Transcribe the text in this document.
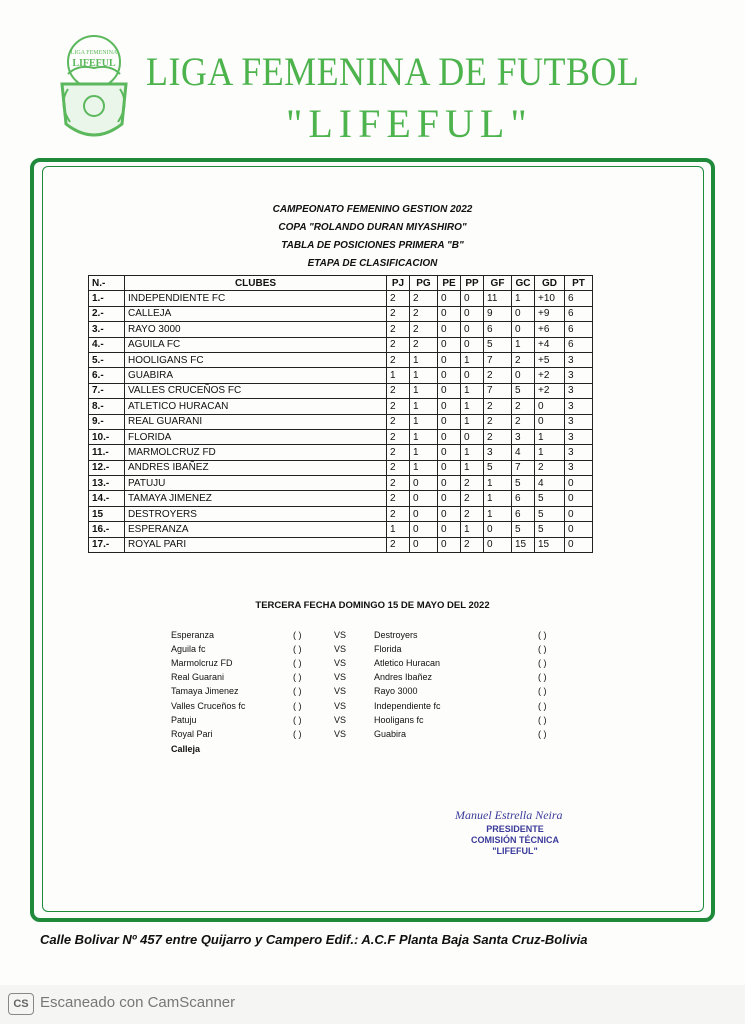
LIGA FEMENINA
LIFEFUL LIGA FEMENINA DE FUTBOL
"LIFEFUL"
CAMPEONATO FEMENINO GESTION 2022
COPA "ROLANDO DURAN MIYASHIRO"
TABLA DE POSICIONES PRIMERA "B"
ETAPA DE CLASIFICACION
N.-	CLUBES	PJ	PG	PE	PP	GF	GC	GD	PT
1.-	INDEPENDIENTE FC	2	2	0	0	11	1	+10	6
2.-	CALLEJA	2	2	0	0	9	0	+9	6
3.-	RAYO 3000	2	2	0	0	6	0	+6	6
4.-	AGUILA FC	2	2	0	0	5	1	+4	6
5.-	HOOLIGANS FC	2	1	0	1	7	2	+5	3
6.-	GUABIRA	1	1	0	0	2	0	+2	3
7.-	VALLES CRUCEÑOS FC	2	1	0	1	7	5	+2	3
8.-	ATLETICO HURACAN	2	1	0	1	2	2	0	3
9.-	REAL GUARANI	2	1	0	1	2	2	0	3
10.-	FLORIDA	2	1	0	0	2	3	1	3
11.-	MARMOLCRUZ FD	2	1	0	1	3	4	1	3
12.-	ANDRES IBAÑEZ	2	1	0	1	5	7	2	3
13.-	PATUJU	2	0	0	2	1	5	4	0
14.-	TAMAYA JIMENEZ	2	0	0	2	1	6	5	0
15	DESTROYERS	2	0	0	2	1	6	5	0
16.-	ESPERANZA	1	0	0	1	0	5	5	0
17.-	ROYAL PARI	2	0	0	2	0	15	15	0
TERCERA FECHA DOMINGO 15 DE MAYO DEL 2022
Esperanza	( )	VS	Destroyers	( )
Aguila fc	( )	VS	Florida	( )
Marmolcruz FD	( )	VS	Atletico Huracan	( )
Real Guarani	( )	VS	Andres Ibañez	( )
Tamaya Jimenez	( )	VS	Rayo 3000	( )
Valles Cruceños fc	( )	VS	Independiente fc	( )
Patuju	( )	VS	Hooligans fc	( )
Royal Pari	( )	VS	Guabira	( )
Calleja
Manuel Estrella Neira
PRESIDENTE
COMISIÓN TÉCNICA
"LIFEFUL"
Calle Bolivar Nº 457 entre Quijarro y Campero Edif.: A.C.F Planta Baja Santa Cruz-Bolivia
CS Escaneado con CamScanner
